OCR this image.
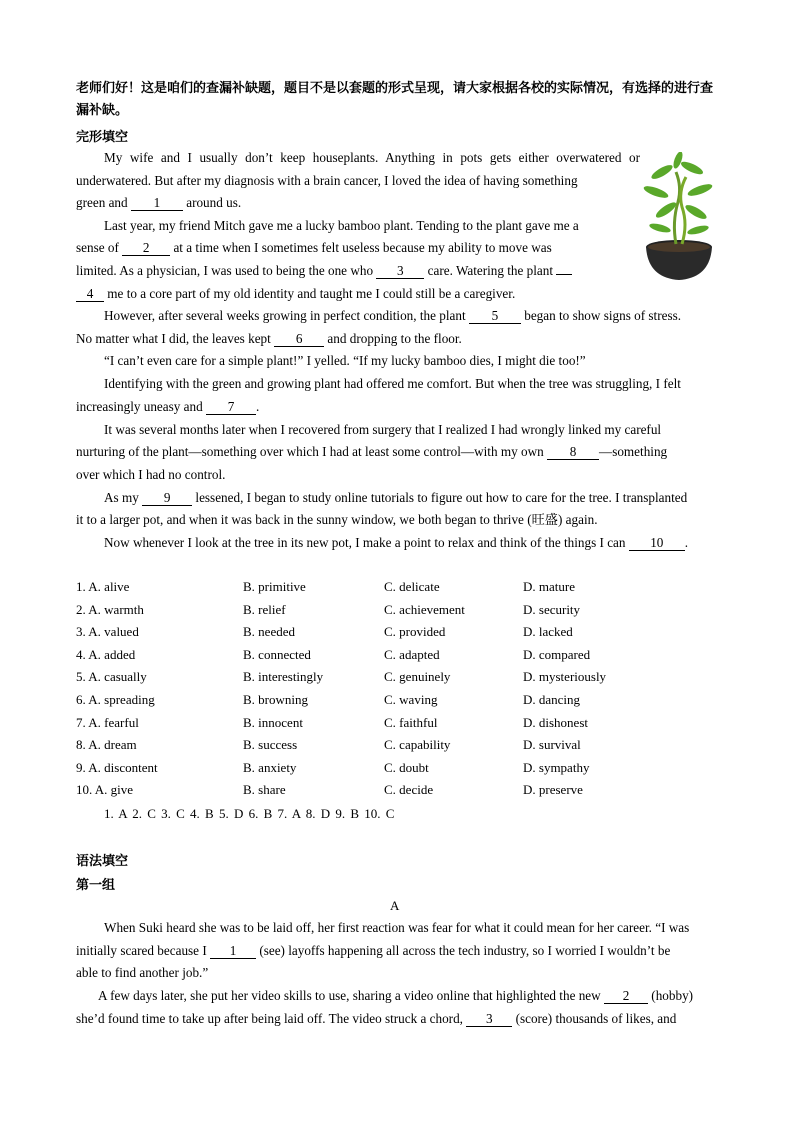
老师们好！这是咱们的查漏补缺题，题目不是以套题的形式呈现，请大家根据各校的实际情况，有选择的进行查漏补缺。
完形填空
My wife and I usually don’t keep houseplants. Anything in pots gets either overwatered or
underwatered. But after my diagnosis with a brain cancer, I loved the idea of having something
green and 1 around us.
Last year, my friend Mitch gave me a lucky bamboo plant. Tending to the plant gave me a
sense of 2 at a time when I sometimes felt useless because my ability to move was
limited. As a physician, I was used to being the one who 3 care. Watering the plant
4 me to a core part of my old identity and taught me I could still be a caregiver.
However, after several weeks growing in perfect condition, the plant 5 began to show signs of stress.
No matter what I did, the leaves kept 6 and dropping to the floor.
“I can’t even care for a simple plant!” I yelled. “If my lucky bamboo dies, I might die too!”
Identifying with the green and growing plant had offered me comfort. But when the tree was struggling, I felt
increasingly uneasy and 7 .
It was several months later when I recovered from surgery that I realized I had wrongly linked my careful
nurturing of the plant—something over which I had at least some control—with my own 8 —something
over which I had no control.
As my 9 lessened, I began to study online tutorials to figure out how to care for the tree. I transplanted
it to a larger pot, and when it was back in the sunny window, we both began to thrive (旺盛) again.
Now whenever I look at the tree in its new pot, I make a point to relax and think of the things I can 10 .
1. A. alive	B. primitive	C. delicate	D. mature
2. A. warmth	B. relief	C. achievement	D. security
3. A. valued	B. needed	C. provided	D. lacked
4. A. added	B. connected	C. adapted	D. compared
5. A. casually	B. interestingly	C. genuinely	D. mysteriously
6. A. spreading	B. browning	C. waving	D. dancing
7. A. fearful	B. innocent	C. faithful	D. dishonest
8. A. dream	B. success	C. capability	D. survival
9. A. discontent	B. anxiety	C. doubt	D. sympathy
10. A. give	B. share	C. decide	D. preserve
1. A 2. C 3. C 4. B 5. D 6. B 7. A 8. D 9. B 10. C
语法填空
第一组
A
When Suki heard she was to be laid off, her first reaction was fear for what it could mean for her career. “I was
initially scared because I 1 (see) layoffs happening all across the tech industry, so I worried I wouldn’t be
able to find another job.”
A few days later, she put her video skills to use, sharing a video online that highlighted the new 2 (hobby)
she’d found time to take up after being laid off. The video struck a chord, 3 (score) thousands of likes, and
